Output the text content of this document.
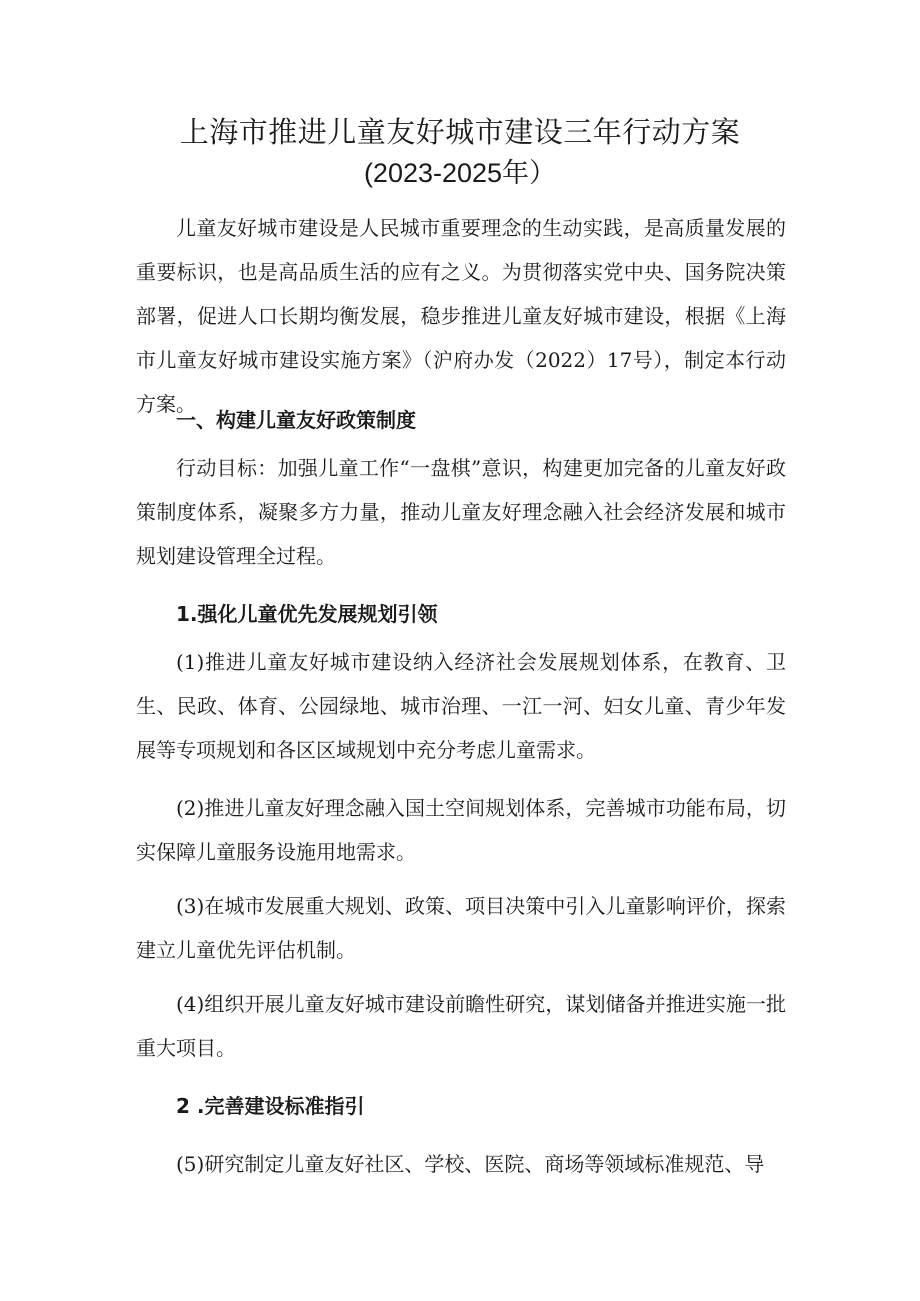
上海市推进儿童友好城市建设三年行动方案
(2023-2025年）

儿童友好城市建设是人民城市重要理念的生动实践，是高质量发展的重要标识，也是高品质生活的应有之义。为贯彻落实党中央、国务院决策部署，促进人口长期均衡发展，稳步推进儿童友好城市建设，根据《上海市儿童友好城市建设实施方案》（沪府办发（2022）17号），制定本行动方案。

一、构建儿童友好政策制度

行动目标：加强儿童工作“一盘棋”意识，构建更加完备的儿童友好政策制度体系，凝聚多方力量，推动儿童友好理念融入社会经济发展和城市规划建设管理全过程。

1.强化儿童优先发展规划引领

(1)推进儿童友好城市建设纳入经济社会发展规划体系，在教育、卫生、民政、体育、公园绿地、城市治理、一江一河、妇女儿童、青少年发展等专项规划和各区区域规划中充分考虑儿童需求。

(2)推进儿童友好理念融入国土空间规划体系，完善城市功能布局，切实保障儿童服务设施用地需求。

(3)在城市发展重大规划、政策、项目决策中引入儿童影响评价，探索建立儿童优先评估机制。

(4)组织开展儿童友好城市建设前瞻性研究，谋划储备并推进实施一批重大项目。

2 .完善建设标准指引

(5)研究制定儿童友好社区、学校、医院、商场等领域标准规范、导
